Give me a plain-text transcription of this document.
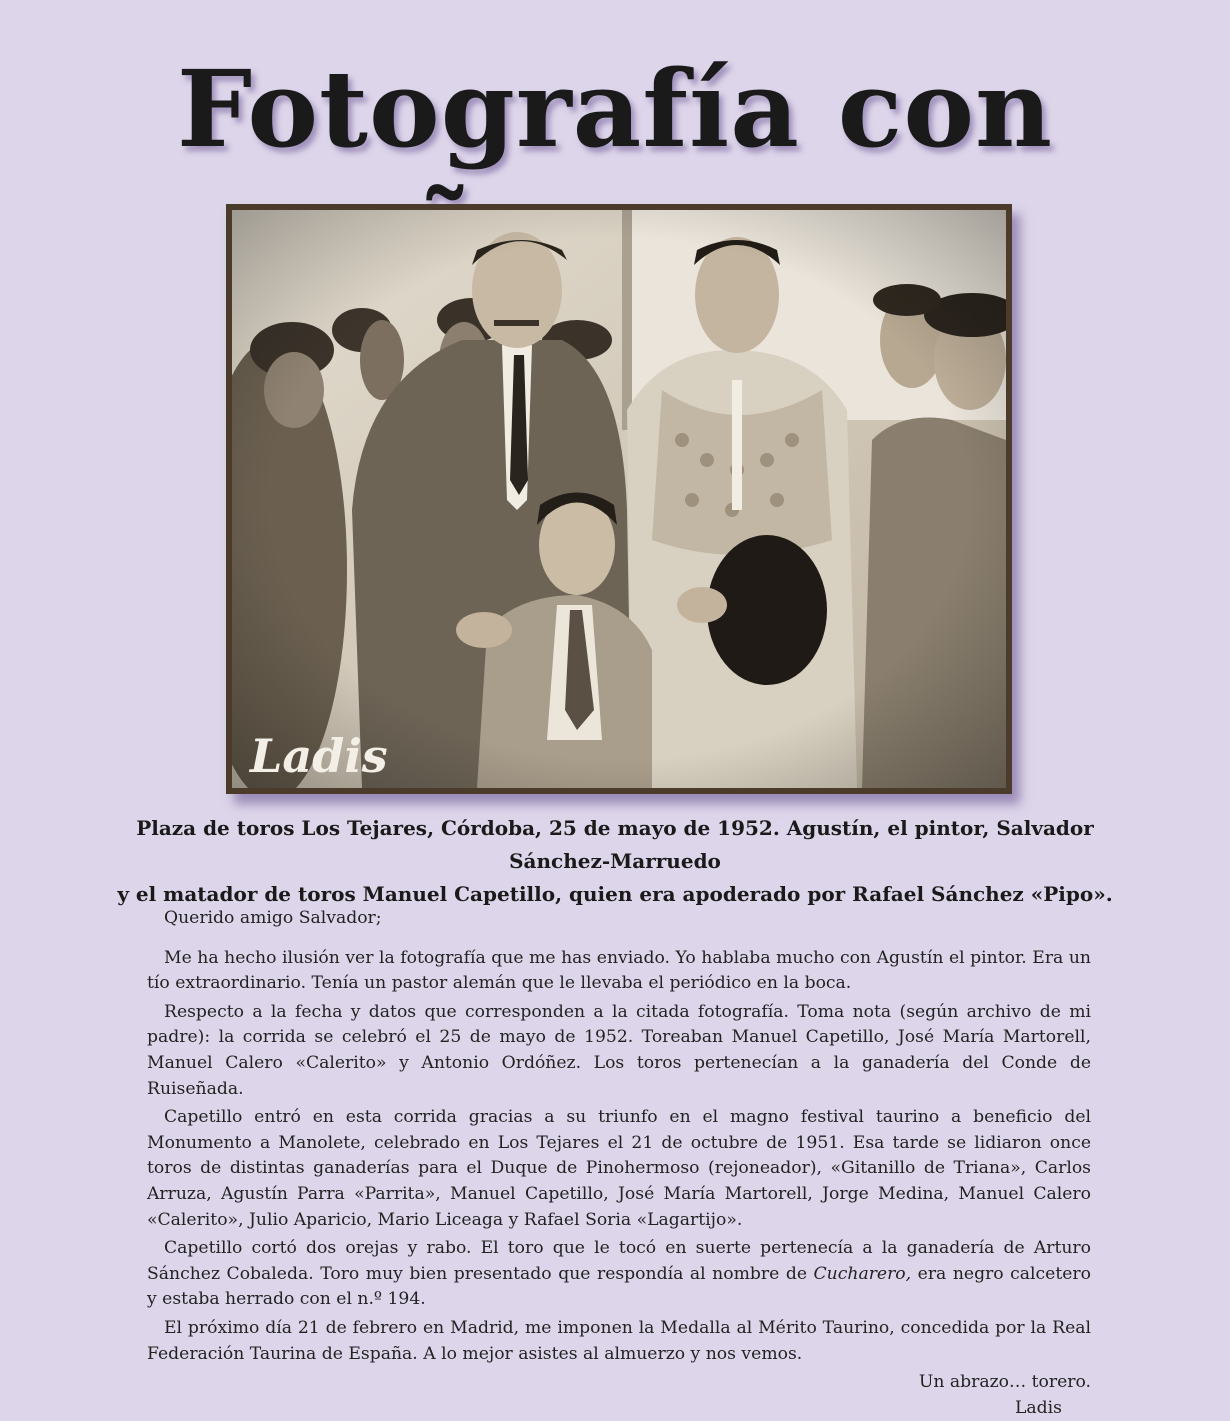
Fotografía con
Ladis

Plaza de toros Los Tejares, Córdoba, 25 de mayo de 1952. Agustín, el pintor, Salvador Sánchez-Marruedo

y el matador de toros Manuel Capetillo, quien era apoderado por Rafael Sánchez «Pipo».

Querido amigo Salvador;

Me ha hecho ilusión ver la fotografía que me has enviado. Yo hablaba mucho con Agustín el pintor. Era un tío extraordinario. Tenía un pastor alemán que le llevaba el periódico en la boca.

Respecto a la fecha y datos que corresponden a la citada fotografía. Toma nota (según archivo de mi padre): la corrida se celebró el 25 de mayo de 1952. Toreaban Manuel Capetillo, José María Martorell, Manuel Calero «Calerito» y Antonio Ordóñez. Los toros pertenecían a la ganadería del Conde de Ruiseñada.

Capetillo entró en esta corrida gracias a su triunfo en el magno festival taurino a beneficio del Monumento a Manolete, celebrado en Los Tejares el 21 de octubre de 1951. Esa tarde se lidiaron once toros de distintas ganaderías para el Duque de Pinohermoso (rejoneador), «Gitanillo de Triana», Carlos Arruza, Agustín Parra «Parrita», Manuel Capetillo, José María Martorell, Jorge Medina, Manuel Calero «Calerito», Julio Aparicio, Mario Liceaga y Rafael Soria «Lagartijo».

Capetillo cortó dos orejas y rabo. El toro que le tocó en suerte pertenecía a la ganadería de Arturo Sánchez Cobaleda. Toro muy bien presentado que respondía al nombre de Cucharero, era negro calcetero y estaba herrado con el n.º 194.

El próximo día 21 de febrero en Madrid, me imponen la Medalla al Mérito Taurino, concedida por la Real Federación Taurina de España. A lo mejor asistes al almuerzo y nos vemos.

Un abrazo… torero.

Ladis
